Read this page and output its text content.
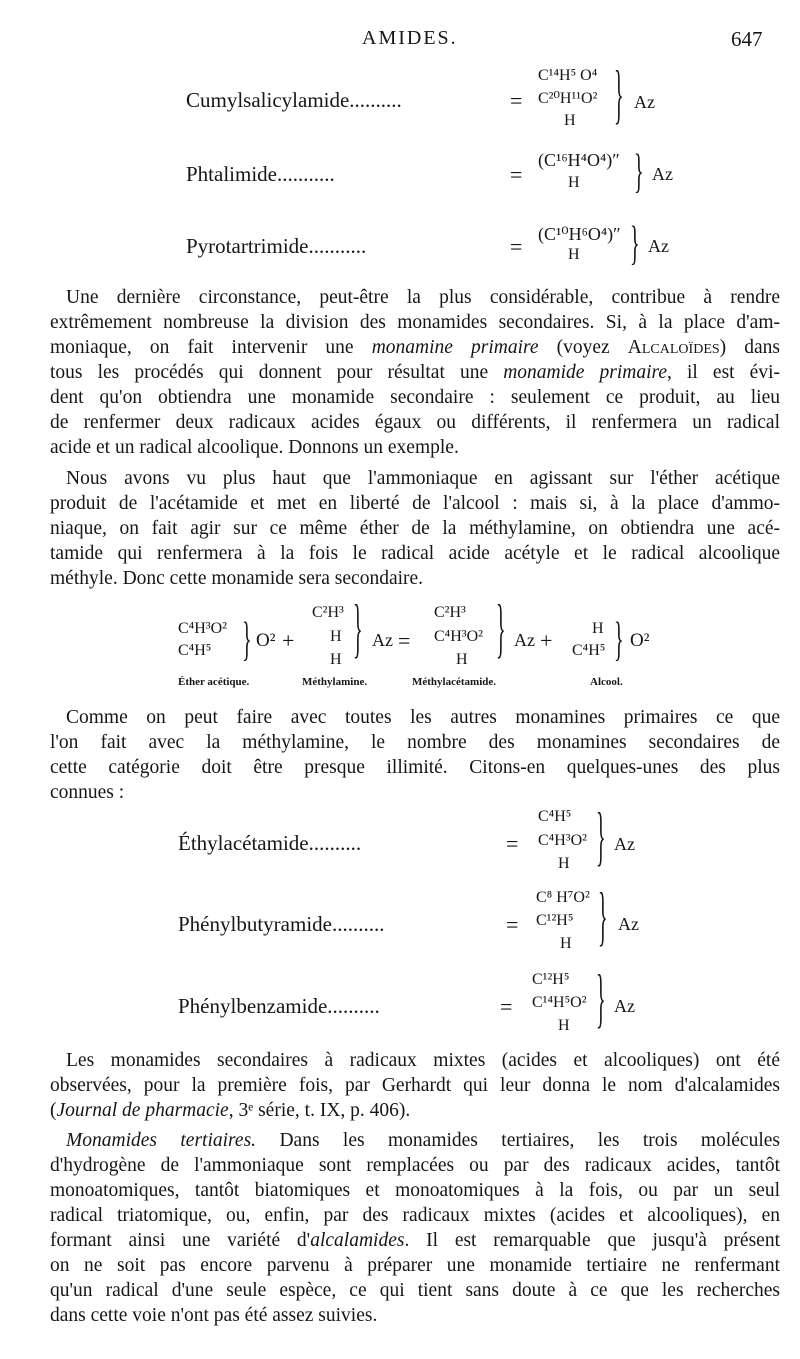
AMIDES.	647
Cumylsalicylamide..........	=
C¹⁴H⁵ O⁴
C²⁰H¹¹O²
H } Az
Phtalimide...........	=
(C¹⁶H⁴O⁴)″
H	} Az
Pyrotartrimide...........	= (C¹⁰H⁶O⁴)″
H	} Az
Une dernière circonstance, peut-être la plus considérable, contribue à rendre
extrêmement nombreuse la division des monamides secondaires. Si, à la place d'am-
moniaque, on fait intervenir une monamine primaire (voyez Alcaloïdes) dans
tous les procédés qui donnent pour résultat une monamide primaire, il est évi-
dent qu'on obtiendra une monamide secondaire : seulement ce produit, au lieu
de renfermer deux radicaux acides égaux ou différents, il renfermera un radical
acide et un radical alcoolique. Donnons un exemple.
Nous avons vu plus haut que l'ammoniaque en agissant sur l'éther acétique
produit de l'acétamide et met en liberté de l'alcool : mais si, à la place d'ammo-
niaque, on fait agir sur ce même éther de la méthylamine, on obtiendra une acé-
tamide qui renfermera à la fois le radical acide acétyle et le radical alcoolique
méthyle. Donc cette monamide sera secondaire.
C⁴H³O²
C⁴H⁵ } O² +
C²H³
H
H } Az =
C²H³
C⁴H³O²
H } Az + H
C⁴H⁵ } O²
Éther acétique.	Méthylamine.	Méthylacétamide.	Alcool.
Comme on peut faire avec toutes les autres monamines primaires ce que
l'on fait avec la méthylamine, le nombre des monamines secondaires de
cette catégorie doit être presque illimité. Citons-en quelques-unes des plus
connues :
Éthylacétamide..........	=
C⁴H⁵
C⁴H³O²
H } Az
Phénylbutyramide..........	=
C⁸ H⁷O²
C¹²H⁵
H } Az
Phénylbenzamide..........	=
C¹²H⁵
C¹⁴H⁵O²
H } Az
Les monamides secondaires à radicaux mixtes (acides et alcooliques) ont été
observées, pour la première fois, par Gerhardt qui leur donna le nom d'alcalamides
(Journal de pharmacie, 3ᵉ série, t. IX, p. 406).
Monamides tertiaires. Dans les monamides tertiaires, les trois molécules
d'hydrogène de l'ammoniaque sont remplacées ou par des radicaux acides, tantôt
monoatomiques, tantôt biatomiques et monoatomiques à la fois, ou par un seul
radical triatomique, ou, enfin, par des radicaux mixtes (acides et alcooliques), en
formant ainsi une variété d'alcalamides. Il est remarquable que jusqu'à présent
on ne soit pas encore parvenu à préparer une monamide tertiaire ne renfermant
qu'un radical d'une seule espèce, ce qui tient sans doute à ce que les recherches
dans cette voie n'ont pas été assez suivies.
